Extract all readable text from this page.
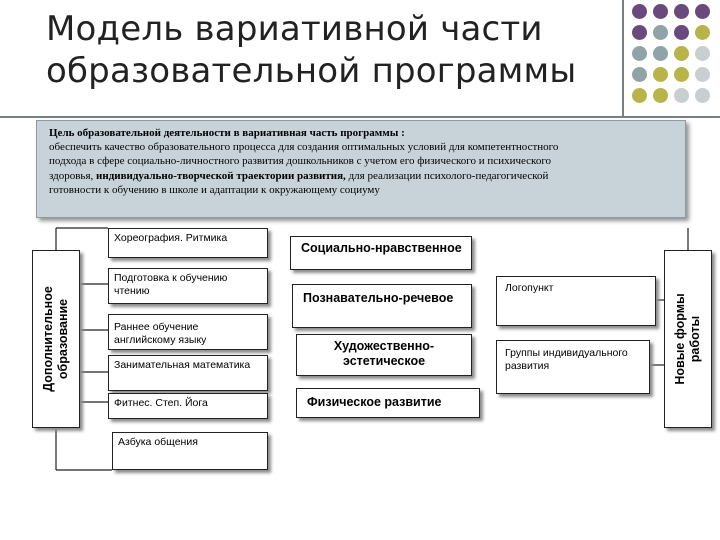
Модель вариативной части
образовательной программы
Цель образовательной деятельности в вариативная часть программы :
обеспечить качество образовательного процесса для создания оптимальных условий для компетентностного
подхода в сфере социально-личностного развития дошкольников с учетом его физического и психического
здоровья, индивидуально-творческой траектории развития, для реализации психолого-педагогической
готовности к обучению в школе и адаптации к окружающему социуму
Дополнительное образование	Новые формы работы
Хореография. Ритмика
Подготовка к обучению чтению
Раннее обучение английскому языку
Занимательная математика
Фитнес. Степ. Йога
Азбука общения
Социально-нравственное
Познавательно-речевое
Художественно-эстетическое
Физическое развитие
Логопункт
Группы индивидуального развития
